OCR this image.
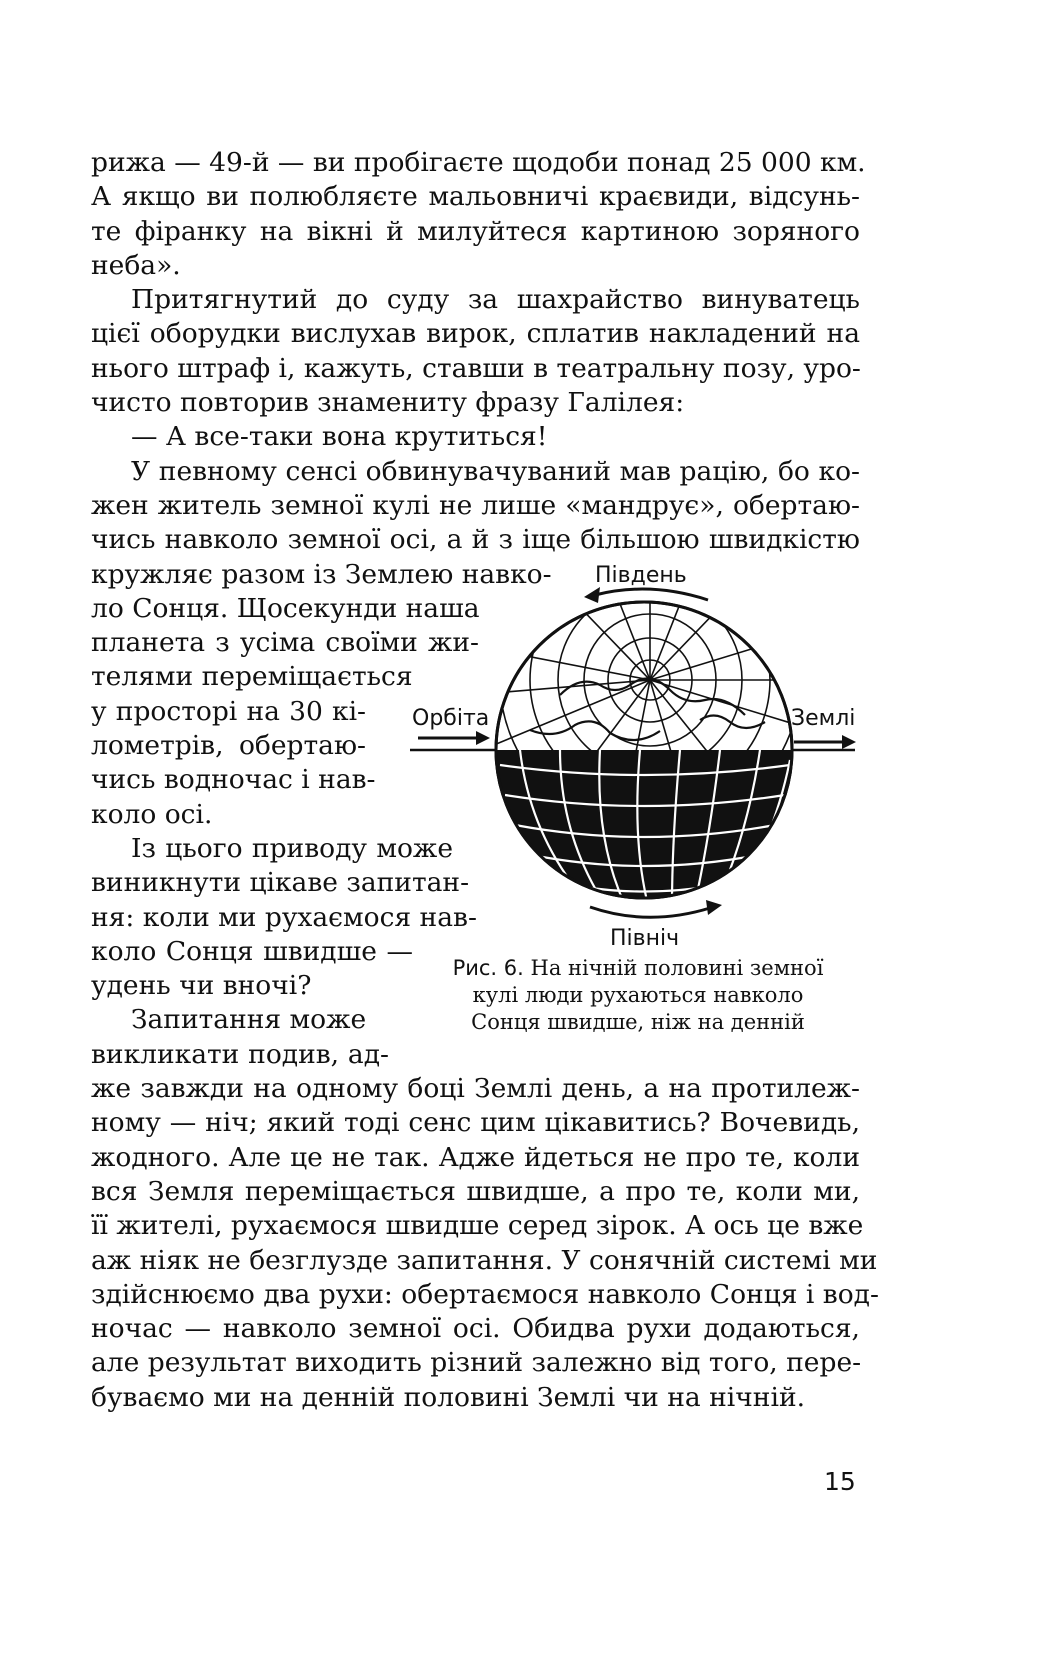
рижа — 49-й — ви пробігаєте щодоби понад 25 000 км.
А якщо ви полюбляєте мальовничі краєвиди, відсунь-
те фіранку на вікні й милуйтеся картиною зоряного
неба».
Притягнутий до суду за шахрайство винуватець
цієї оборудки вислухав вирок, сплатив накладений на
нього штраф і, кажуть, ставши в театральну позу, уро-
чисто повторив знамениту фразу Галілея:
— А все-таки вона крутиться!
У певному сенсі обвинувачуваний мав рацію, бо ко-
жен житель земної кулі не лише «мандрує», обертаю-
чись навколо земної осі, а й з іще більшою швидкістю
кружляє разом із Землею навко-
ло Сонця. Щосекунди наша
планета з усіма своїми жи-
телями переміщається
у просторі на 30 кі-
лометрів, обертаю-
чись водночас і нав-
коло осі.
Із цього приводу може
виникнути цікаве запитан-
ня: коли ми рухаємося нав-
коло Сонця швидше —
удень чи вночі?
Запитання може
викликати подив, ад-
же завжди на одному боці Землі день, а на протилеж-
ному — ніч; який тоді сенс цим цікавитись? Вочевидь,
жодного. Але це не так. Адже йдеться не про те, коли
вся Земля переміщається швидше, а про те, коли ми,
її жителі, рухаємося швидше серед зірок. А ось це вже
аж ніяк не безглузде запитання. У сонячній системі ми
здійснюємо два рухи: обертаємося навколо Сонця і вод-
ночас — навколо земної осі. Обидва рухи додаються,
але результат виходить різний залежно від того, пере-
буваємо ми на денній половині Землі чи на нічній.
Південь
Північ
Орбіта	Землі
Рис. 6. На нічній половині земної
кулі люди рухаються навколо
Сонця швидше, ніж на денній
15
